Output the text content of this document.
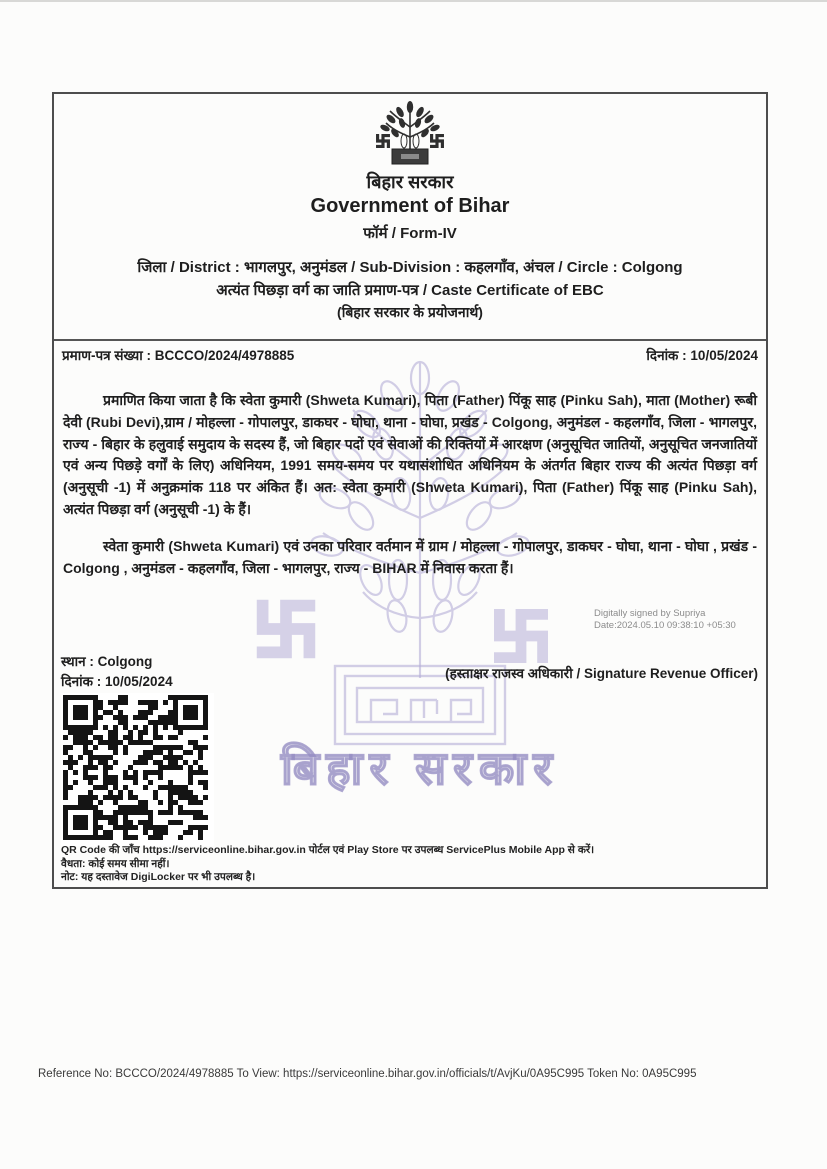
बिहार सरकार
बिहार सरकार
Government of Bihar
फॉर्म / Form-IV
जिला / District : भागलपुर, अनुमंडल / Sub-Division : कहलगाँव, अंचल / Circle : Colgong
अत्यंत पिछड़ा वर्ग का जाति प्रमाण-पत्र / Caste Certificate of EBC
(बिहार सरकार के प्रयोजनार्थ)
प्रमाण-पत्र संख्या : BCCCO/2024/4978885	दिनांक : 10/05/2024
प्रमाणित किया जाता है कि स्वेता कुमारी (Shweta Kumari), पिता (Father) पिंकू साह (Pinku Sah), माता (Mother) रूबी देवी (Rubi Devi),ग्राम / मोहल्ला - गोपालपुर, डाकघर - घोघा, थाना - घोघा, प्रखंड - Colgong, अनुमंडल - कहलगाँव, जिला - भागलपुर, राज्य - बिहार के हलुवाई समुदाय के सदस्य हैं, जो बिहार पदों एवं सेवाओं की रिक्तियों में आरक्षण (अनुसूचित जातियों, अनुसूचित जनजातियों एवं अन्य पिछड़े वर्गों के लिए) अधिनियम, 1991 समय-समय पर यथासंशोधित अधिनियम के अंतर्गत बिहार राज्य की अत्यंत पिछड़ा वर्ग (अनुसूची -1) में अनुक्रमांक 118 पर अंकित हैं। अत: स्वेता कुमारी (Shweta Kumari), पिता (Father) पिंकू साह (Pinku Sah), अत्यंत पिछड़ा वर्ग (अनुसूची -1) के हैं।
स्वेता कुमारी (Shweta Kumari) एवं उनका परिवार वर्तमान में ग्राम / मोहल्ला - गोपालपुर, डाकघर - घोघा, थाना - घोघा , प्रखंड - Colgong , अनुमंडल - कहलगाँव, जिला - भागलपुर, राज्य - BIHAR में निवास करता हैं।
Digitally signed by Supriya
Date:2024.05.10 09:38:10 +05:30
स्थान : Colgong
दिनांक : 10/05/2024
(हस्ताक्षर राजस्व अधिकारी / Signature Revenue Officer)
QR Code की जाँच https://serviceonline.bihar.gov.in पोर्टल एवं Play Store पर उपलब्ध ServicePlus Mobile App से करें।
वैधता: कोई समय सीमा नहीं।
नोट: यह दस्तावेज DigiLocker पर भी उपलब्ध है।
Reference No: BCCCO/2024/4978885 To View: https://serviceonline.bihar.gov.in/officials/t/AvjKu/0A95C995 Token No: 0A95C995
